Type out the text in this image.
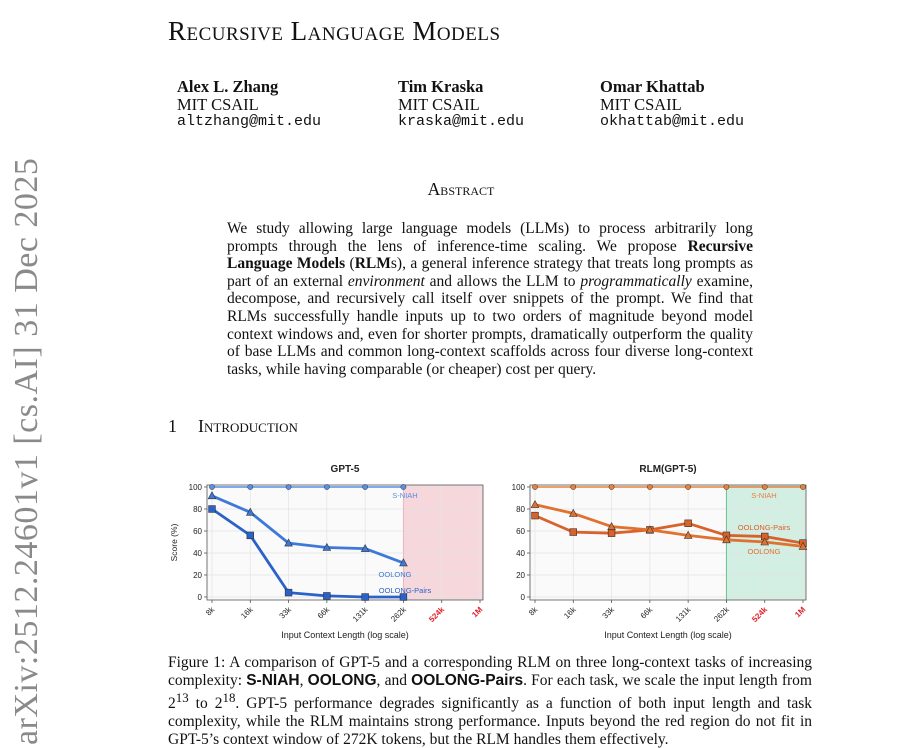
arXiv:2512.24601v1 [cs.AI] 31 Dec 2025
Recursive Language Models
Alex L. Zhang
MIT CSAIL
altzhang@mit.edu
Tim Kraska
MIT CSAIL
kraska@mit.edu
Omar Khattab
MIT CSAIL
okhattab@mit.edu
Abstract
We study allowing large language models (LLMs) to process arbitrarily long prompts through the lens of inference-time scaling. We propose Recursive Language Models (RLMs), a general inference strategy that treats long prompts as part of an external environment and allows the LLM to programmatically examine, decompose, and recursively call itself over snippets of the prompt. We find that RLMs successfully handle inputs up to two orders of magnitude beyond model context windows and, even for shorter prompts, dramatically outperform the quality of base LLMs and common long-context scaffolds across four diverse long-context tasks, while having comparable (or cheaper) cost per query.
1 Introduction
GPT-5
0
20
40
60
80
100
8k	16k	33k	66k 131k 262k 524k	1M
Input Context Length (log scale)
Score (%)
S-NIAH
OOLONG
OOLONG-Pairs
RLM(GPT-5)
0
20
40
60
80
100
8k	16k	33k	66k 131k 262k 524k	1M
Input Context Length (log scale)
S-NIAH
OOLONG-Pairs
OOLONG
Figure 1: A comparison of GPT-5 and a corresponding RLM on three long-context tasks of increasing complexity: S-NIAH, OOLONG, and OOLONG-Pairs. For each task, we scale the input length from $2^{13}$ to $2^{18}$. GPT-5 performance degrades significantly as a function of both input length and task complexity, while the RLM maintains strong performance. Inputs beyond the red region do not fit in GPT-5’s context window of 272K tokens, but the RLM handles them effectively.
